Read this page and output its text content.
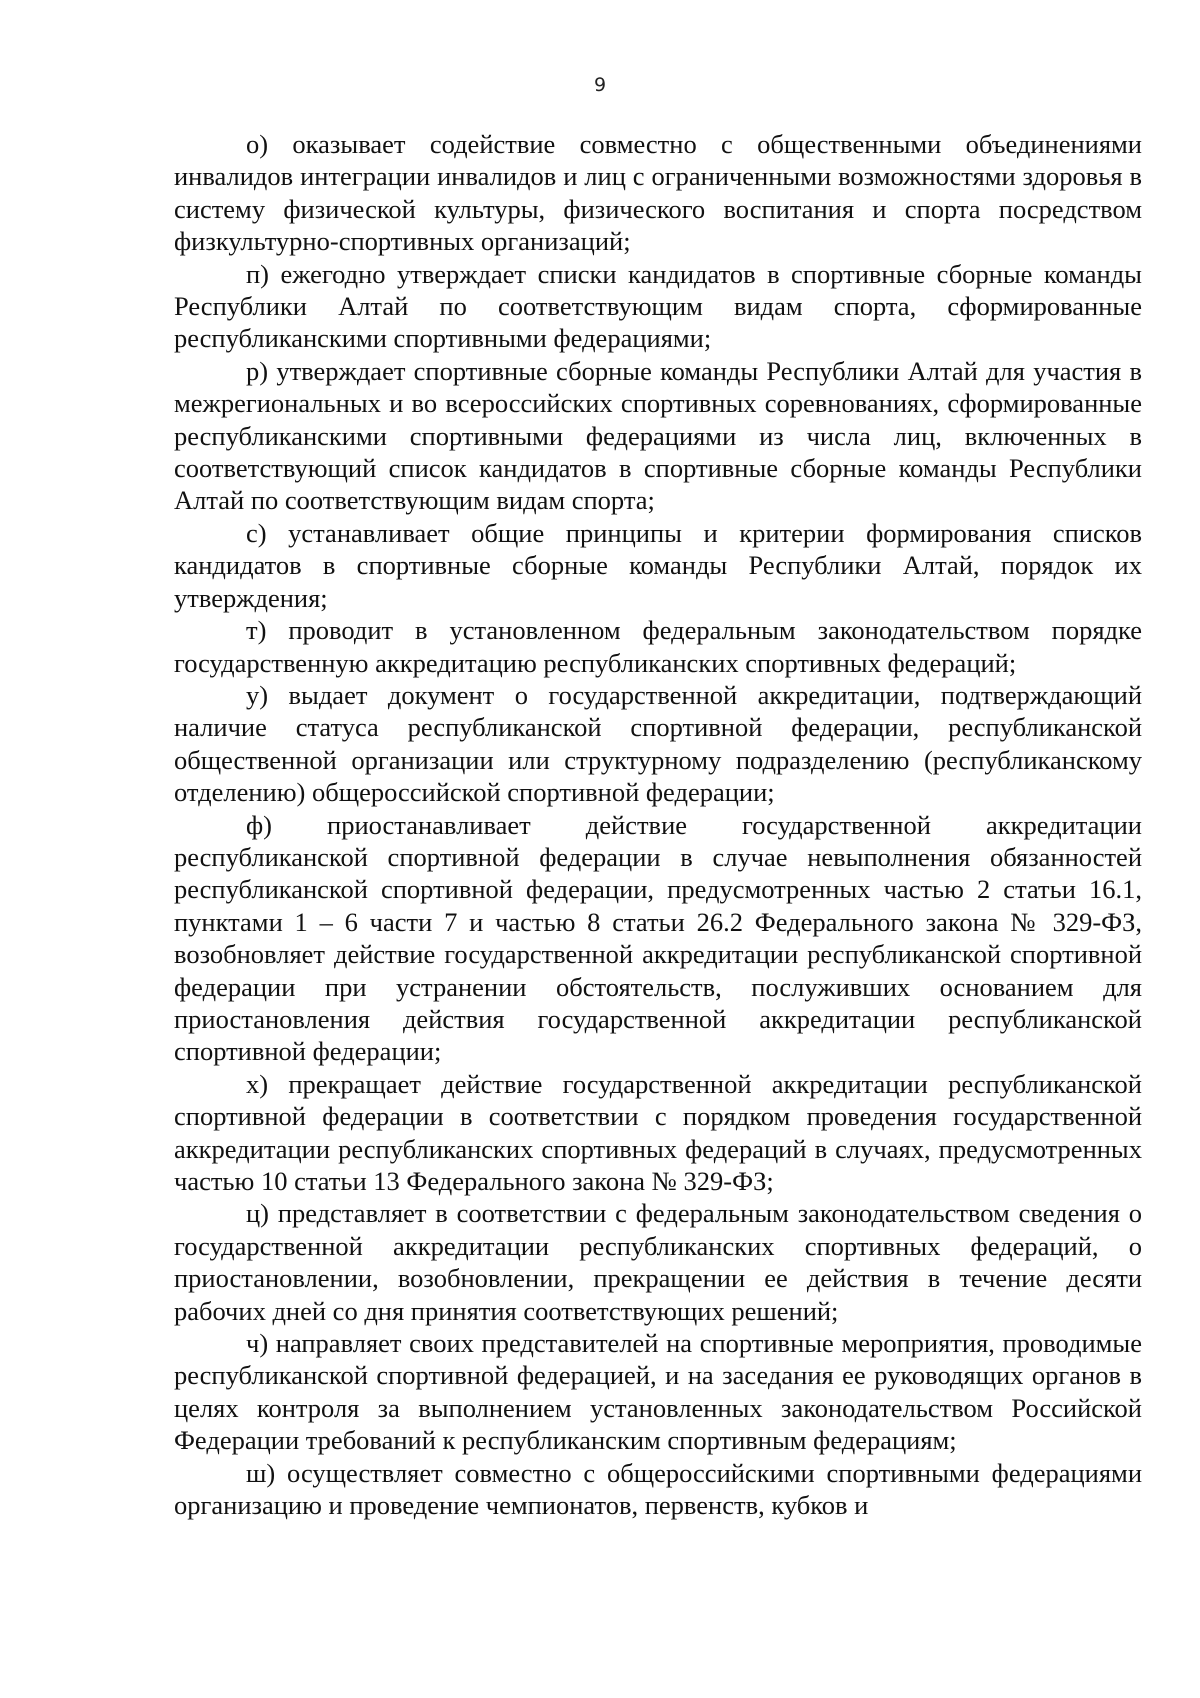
9

о) оказывает содействие совместно с общественными объединениями инвалидов интеграции инвалидов и лиц с ограниченными возможностями здоровья в систему физической культуры, физического воспитания и спорта посредством физкультурно-спортивных организаций;

п) ежегодно утверждает списки кандидатов в спортивные сборные команды Республики Алтай по соответствующим видам спорта, сформированные республиканскими спортивными федерациями;

р) утверждает спортивные сборные команды Республики Алтай для участия в межрегиональных и во всероссийских спортивных соревнованиях, сформированные республиканскими спортивными федерациями из числа лиц, включенных в соответствующий список кандидатов в спортивные сборные команды Республики Алтай по соответствующим видам спорта;

с) устанавливает общие принципы и критерии формирования списков кандидатов в спортивные сборные команды Республики Алтай, порядок их утверждения;

т) проводит в установленном федеральным законодательством порядке государственную аккредитацию республиканских спортивных федераций;

у) выдает документ о государственной аккредитации, подтверждающий наличие статуса республиканской спортивной федерации, республиканской общественной организации или структурному подразделению (республиканскому отделению) общероссийской спортивной федерации;

ф) приостанавливает действие государственной аккредитации республиканской спортивной федерации в случае невыполнения обязанностей республиканской спортивной федерации, предусмотренных частью 2 статьи 16.1, пунктами 1 – 6 части 7 и частью 8 статьи 26.2 Федерального закона № 329-ФЗ, возобновляет действие государственной аккредитации республиканской спортивной федерации при устранении обстоятельств, послуживших основанием для приостановления действия государственной аккредитации республиканской спортивной федерации;

х) прекращает действие государственной аккредитации республиканской спортивной федерации в соответствии с порядком проведения государственной аккредитации республиканских спортивных федераций в случаях, предусмотренных частью 10 статьи 13 Федерального закона № 329-ФЗ;

ц) представляет в соответствии с федеральным законодательством сведения о государственной аккредитации республиканских спортивных федераций, о приостановлении, возобновлении, прекращении ее действия в течение десяти рабочих дней со дня принятия соответствующих решений;

ч) направляет своих представителей на спортивные мероприятия, проводимые республиканской спортивной федерацией, и на заседания ее руководящих органов в целях контроля за выполнением установленных законодательством Российской Федерации требований к республиканским спортивным федерациям;

ш) осуществляет совместно с общероссийскими спортивными федерациями организацию и проведение чемпионатов, первенств, кубков и
